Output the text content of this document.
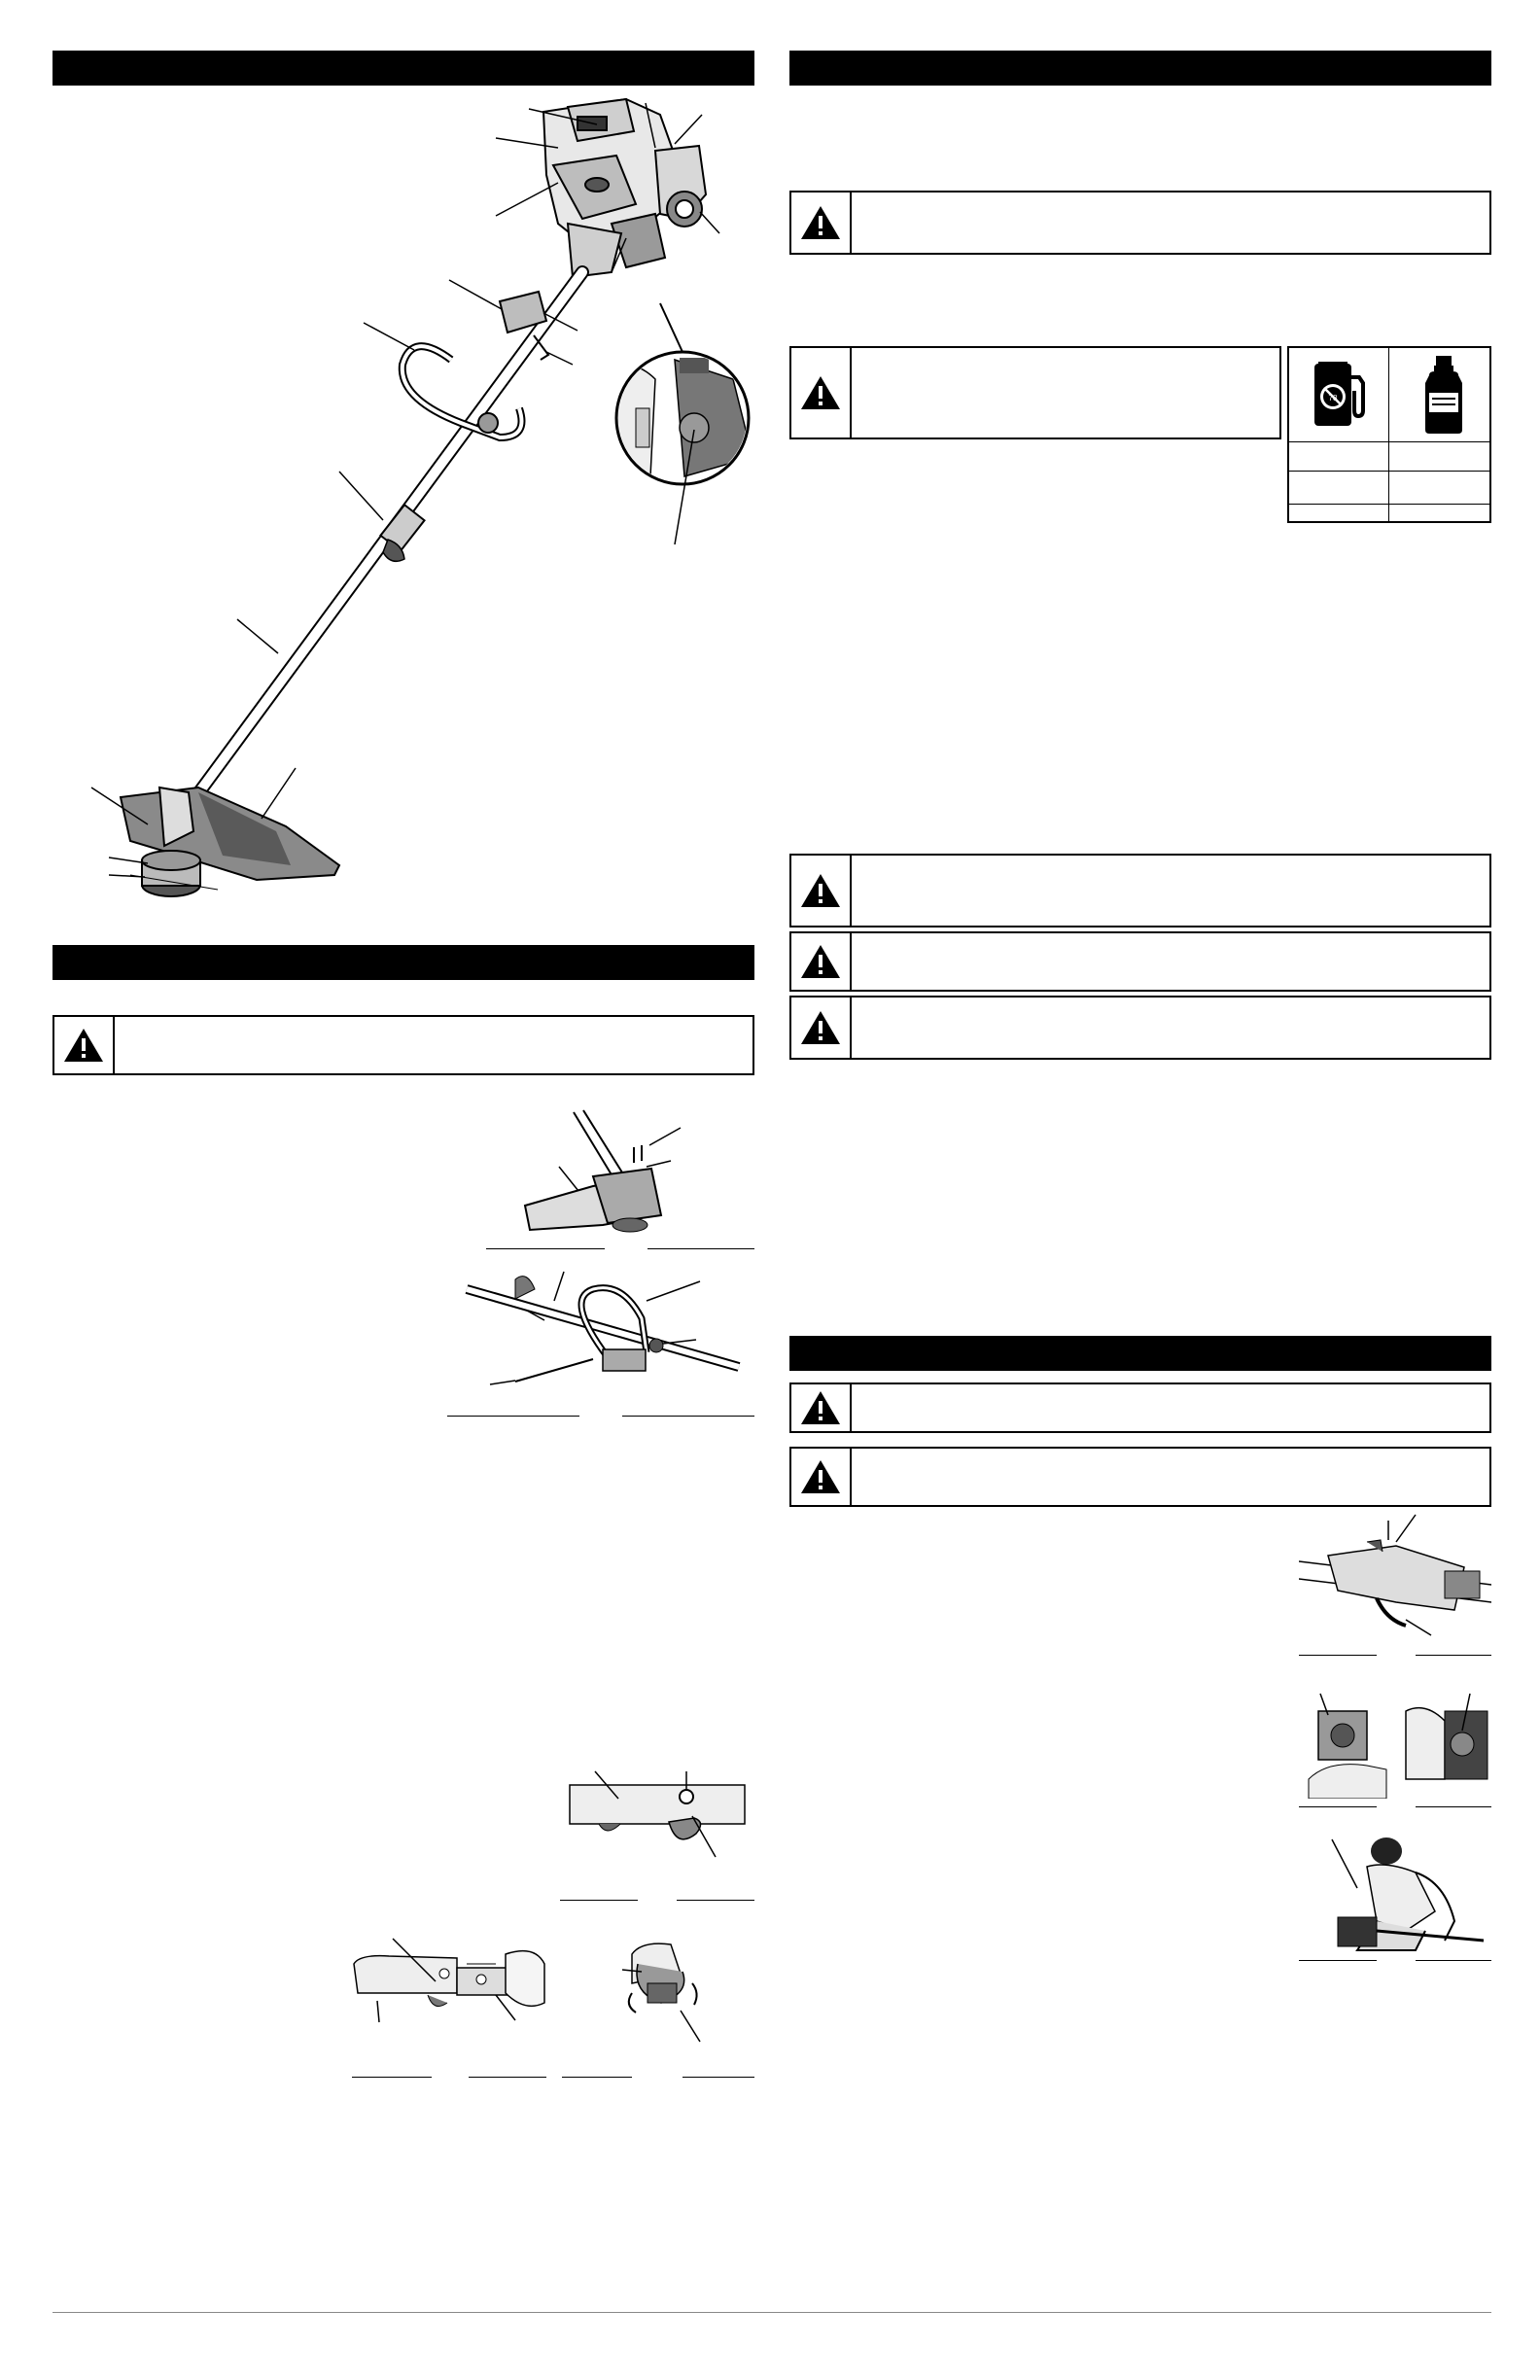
78
